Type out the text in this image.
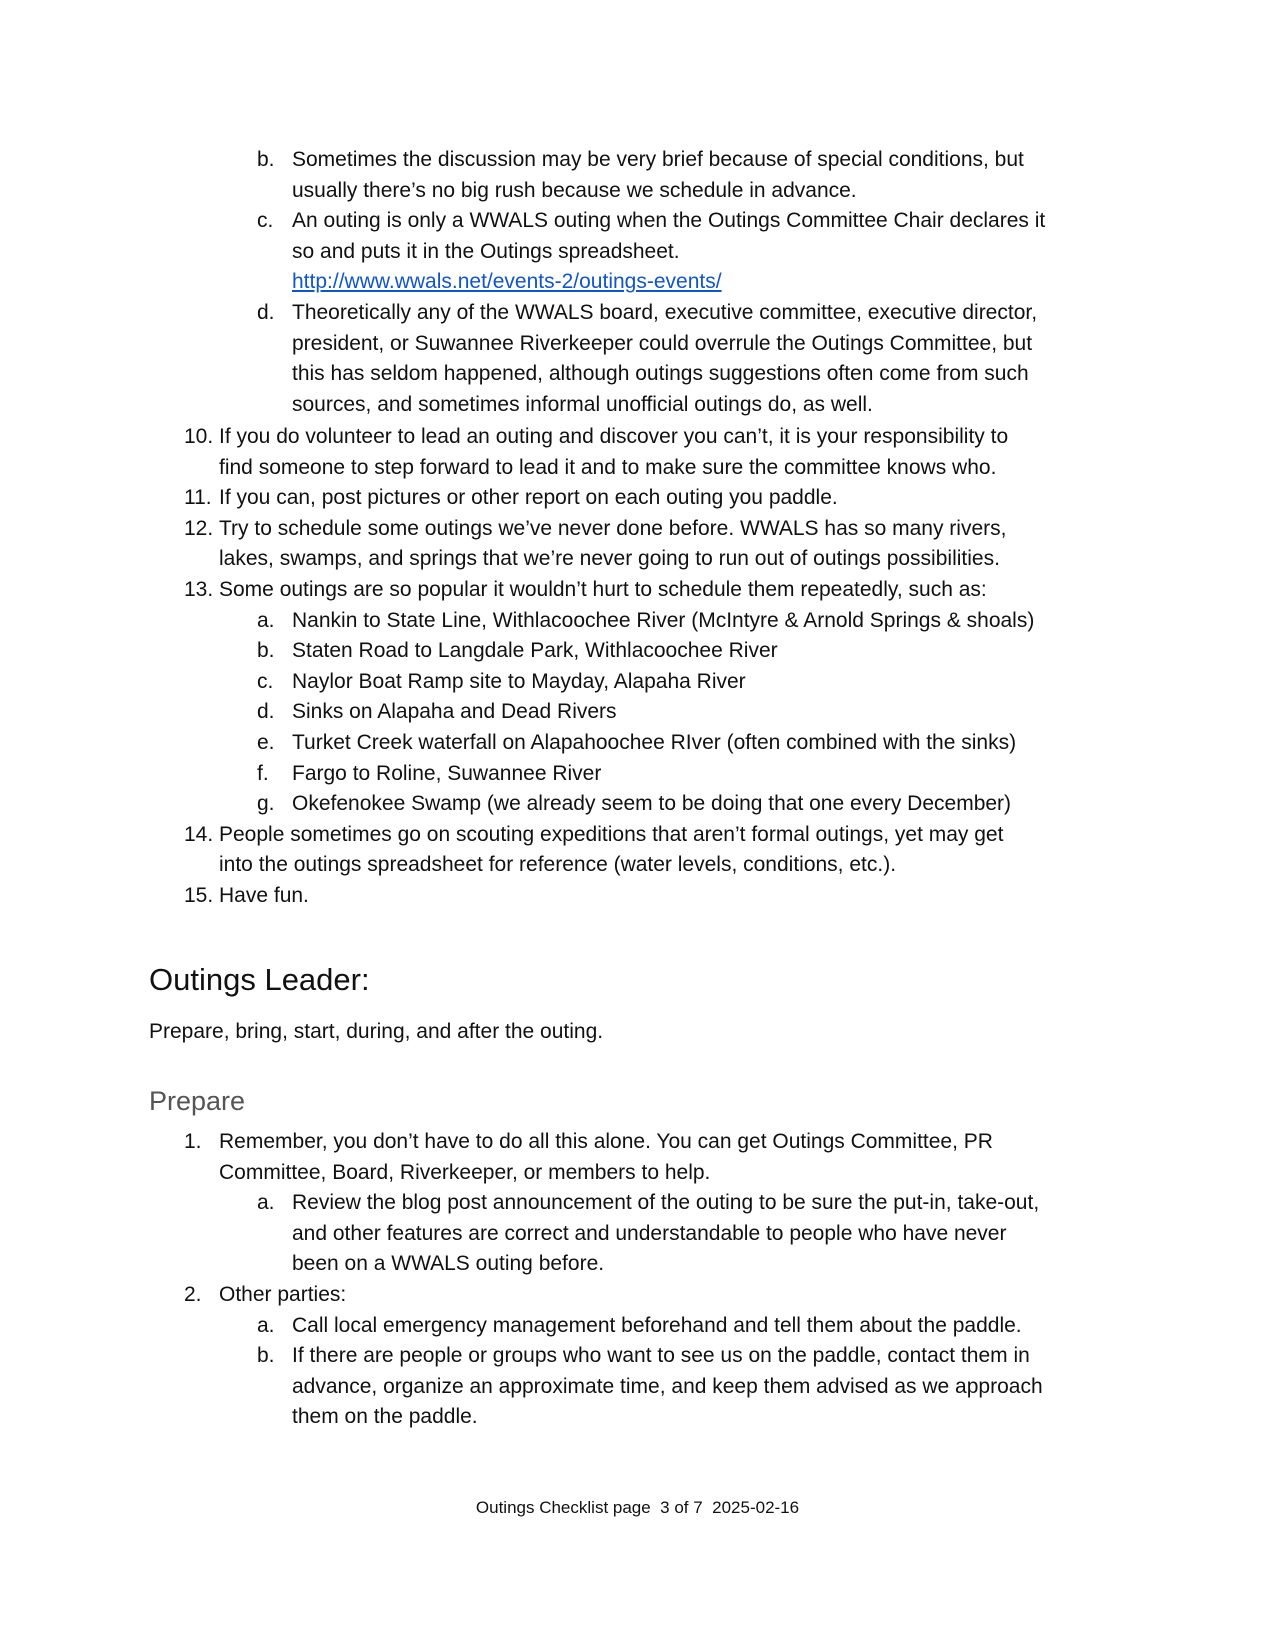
b. Sometimes the discussion may be very brief because of special conditions, but
usually there’s no big rush because we schedule in advance.
c. An outing is only a WWALS outing when the Outings Committee Chair declares it
so and puts it in the Outings spreadsheet.
http://www.wwals.net/events-2/outings-events/
d. Theoretically any of the WWALS board, executive committee, executive director,
president, or Suwannee Riverkeeper could overrule the Outings Committee, but
this has seldom happened, although outings suggestions often come from such
sources, and sometimes informal unofficial outings do, as well.
10. If you do volunteer to lead an outing and discover you can’t, it is your responsibility to
find someone to step forward to lead it and to make sure the committee knows who.
11. If you can, post pictures or other report on each outing you paddle.
12. Try to schedule some outings we’ve never done before. WWALS has so many rivers,
lakes, swamps, and springs that we’re never going to run out of outings possibilities.
13. Some outings are so popular it wouldn’t hurt to schedule them repeatedly, such as:
a. Nankin to State Line, Withlacoochee River (McIntyre & Arnold Springs & shoals)
b. Staten Road to Langdale Park, Withlacoochee River
c. Naylor Boat Ramp site to Mayday, Alapaha River
d. Sinks on Alapaha and Dead Rivers
e. Turket Creek waterfall on Alapahoochee RIver (often combined with the sinks)
f. Fargo to Roline, Suwannee River
g. Okefenokee Swamp (we already seem to be doing that one every December)
14. People sometimes go on scouting expeditions that aren’t formal outings, yet may get
into the outings spreadsheet for reference (water levels, conditions, etc.).
15. Have fun.
Outings Leader:
Prepare, bring, start, during, and after the outing.
Prepare
1. Remember, you don’t have to do all this alone. You can get Outings Committee, PR
Committee, Board, Riverkeeper, or members to help.
a. Review the blog post announcement of the outing to be sure the put-in, take-out,
and other features are correct and understandable to people who have never
been on a WWALS outing before.
2. Other parties:
a. Call local emergency management beforehand and tell them about the paddle.
b. If there are people or groups who want to see us on the paddle, contact them in
advance, organize an approximate time, and keep them advised as we approach
them on the paddle.
Outings Checklist page  3 of 7  2025-02-16
